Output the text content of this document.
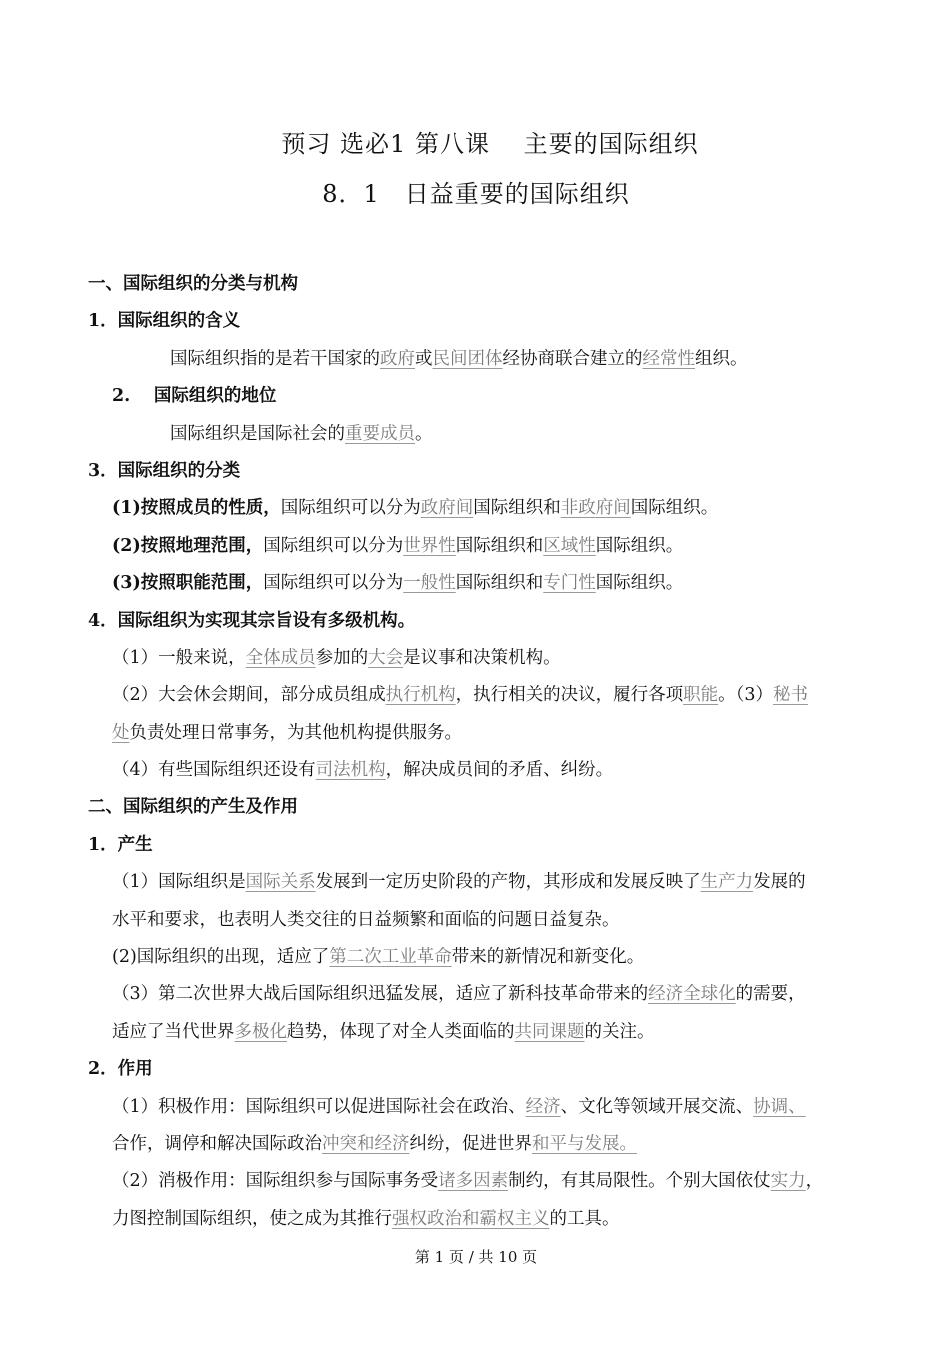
预习 选必1 第八课　 主要的国际组织
8．1　日益重要的国际组织
一、国际组织的分类与机构
1．国际组织的含义
国际组织指的是若干国家的政府或民间团体经协商联合建立的经常性组织。
2.　 国际组织的地位
国际组织是国际社会的重要成员。
3．国际组织的分类
(1)按照成员的性质，国际组织可以分为政府间国际组织和非政府间国际组织。
(2)按照地理范围，国际组织可以分为世界性国际组织和区域性国际组织。
(3)按照职能范围，国际组织可以分为一般性国际组织和专门性国际组织。
4．国际组织为实现其宗旨设有多级机构。
（1）一般来说，全体成员参加的大会是议事和决策机构。
（2）大会休会期间，部分成员组成执行机构，执行相关的决议，履行各项职能。（3）秘书
处负责处理日常事务，为其他机构提供服务。
（4）有些国际组织还设有司法机构，解决成员间的矛盾、纠纷。
二、国际组织的产生及作用
1．产生
（1）国际组织是国际关系发展到一定历史阶段的产物，其形成和发展反映了生产力发展的
水平和要求，也表明人类交往的日益频繁和面临的问题日益复杂。
(2)国际组织的出现，适应了第二次工业革命带来的新情况和新变化。
（3）第二次世界大战后国际组织迅猛发展，适应了新科技革命带来的经济全球化的需要，
适应了当代世界多极化趋势，体现了对全人类面临的共同课题的关注。
2．作用
（1）积极作用：国际组织可以促进国际社会在政治、经济、文化等领域开展交流、协调、
合作，调停和解决国际政治冲突和经济纠纷，促进世界和平与发展。
（2）消极作用：国际组织参与国际事务受诸多因素制约，有其局限性。个别大国依仗实力，
力图控制国际组织，使之成为其推行强权政治和霸权主义的工具。
第 1 页 / 共 10 页
